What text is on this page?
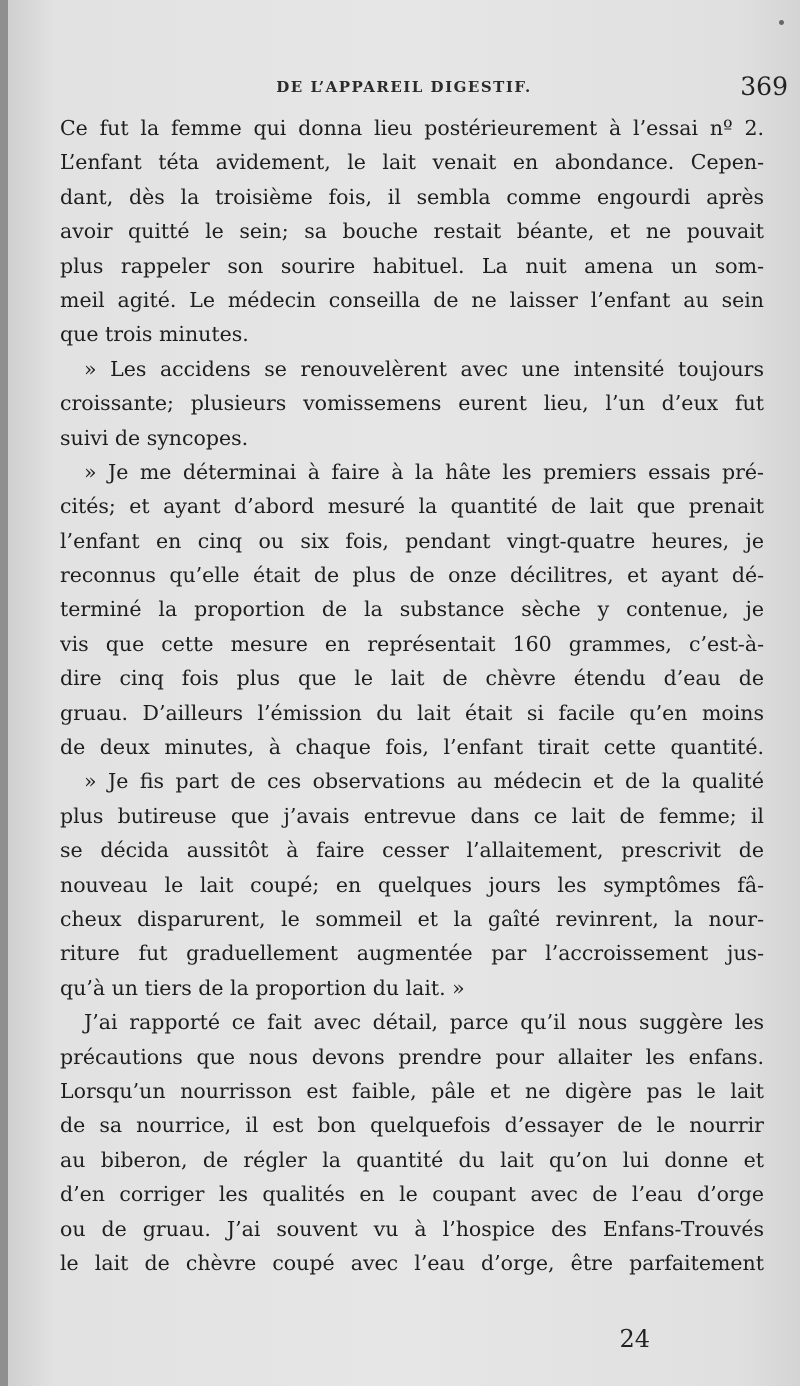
DE L’APPAREIL DIGESTIF.	369
Ce fut la femme qui donna lieu postérieurement à l’essai nº 2.
L’enfant téta avidement, le lait venait en abondance. Cepen-
dant, dès la troisième fois, il sembla comme engourdi après
avoir quitté le sein; sa bouche restait béante, et ne pouvait
plus rappeler son sourire habituel. La nuit amena un som-
meil agité. Le médecin conseilla de ne laisser l’enfant au sein
que trois minutes.
» Les accidens se renouvelèrent avec une intensité toujours
croissante; plusieurs vomissemens eurent lieu, l’un d’eux fut
suivi de syncopes.
» Je me déterminai à faire à la hâte les premiers essais pré-
cités; et ayant d’abord mesuré la quantité de lait que prenait
l’enfant en cinq ou six fois, pendant vingt-quatre heures, je
reconnus qu’elle était de plus de onze décilitres, et ayant dé-
terminé la proportion de la substance sèche y contenue, je
vis que cette mesure en représentait 160 grammes, c’est-à-
dire cinq fois plus que le lait de chèvre étendu d’eau de
gruau. D’ailleurs l’émission du lait était si facile qu’en moins
de deux minutes, à chaque fois, l’enfant tirait cette quantité.
» Je fis part de ces observations au médecin et de la qualité
plus butireuse que j’avais entrevue dans ce lait de femme; il
se décida aussitôt à faire cesser l’allaitement, prescrivit de
nouveau le lait coupé; en quelques jours les symptômes fâ-
cheux disparurent, le sommeil et la gaîté revinrent, la nour-
riture fut graduellement augmentée par l’accroissement jus-
qu’à un tiers de la proportion du lait. »
J’ai rapporté ce fait avec détail, parce qu’il nous suggère les
précautions que nous devons prendre pour allaiter les enfans.
Lorsqu’un nourrisson est faible, pâle et ne digère pas le lait
de sa nourrice, il est bon quelquefois d’essayer de le nourrir
au biberon, de régler la quantité du lait qu’on lui donne et
d’en corriger les qualités en le coupant avec de l’eau d’orge
ou de gruau. J’ai souvent vu à l’hospice des Enfans-Trouvés
le lait de chèvre coupé avec l’eau d’orge, être parfaitement
24
